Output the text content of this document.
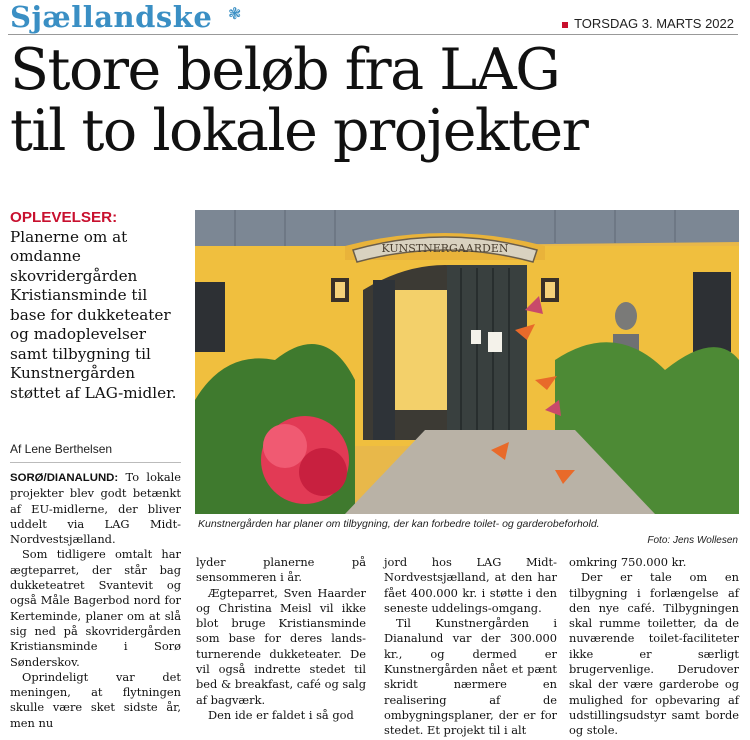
Sjællandske ❃
TORSDAG 3. MARTS 2022
Store beløb fra LAG
til to lokale projekter
OPLEVELSER: Planerne om at omdanne skovridergården Kristiansminde til base for dukketeater og madoplevelser samt tilbygning til Kunstnergården støttet af LAG-midler.
Af Lene Berthelsen
KUNSTNERGAARDEN
Kunstnergården har planer om tilbygning, der kan forbedre toilet- og garderobeforhold.
Foto: Jens Wollesen

SORØ/DIANALUND: To lokale projekter blev godt betænkt af EU-midlerne, der bliver uddelt via LAG Midt-Nordvestsjælland.

Som tidligere omtalt har ægteparret, der står bag dukketeatret Svantevit og også Måle Bagerbod nord for Kerteminde, planer om at slå sig ned på skovridergården Kristiansminde i Sorø Sønderskov.

Oprindeligt var det meningen, at flytningen skulle være sket sidste år, men nu

lyder planerne på sensommeren i år.

Ægteparret, Sven Haarder og Christina Meisl vil ikke blot bruge Kristiansminde som base for deres lands-turnerende dukketeater. De vil også indrette stedet til bed & breakfast, café og salg af bagværk.

Den ide er faldet i så god

jord hos LAG Midt-Nordvestsjælland, at den har fået 400.000 kr. i støtte i den seneste uddelings-omgang.

Til Kunstnergården i Dianalund var der 300.000 kr., og dermed er Kunstnergården nået et pænt skridt nærmere en realisering af de ombygningsplaner, der er for stedet. Et projekt til i alt

omkring 750.000 kr.

Der er tale om en tilbygning i forlængelse af den nye café. Tilbygningen skal rumme toiletter, da de nuværende toilet-faciliteter ikke er særligt brugervenlige. Derudover skal der være garderobe og mulighed for opbevaring af udstillingsudstyr samt borde og stole.
